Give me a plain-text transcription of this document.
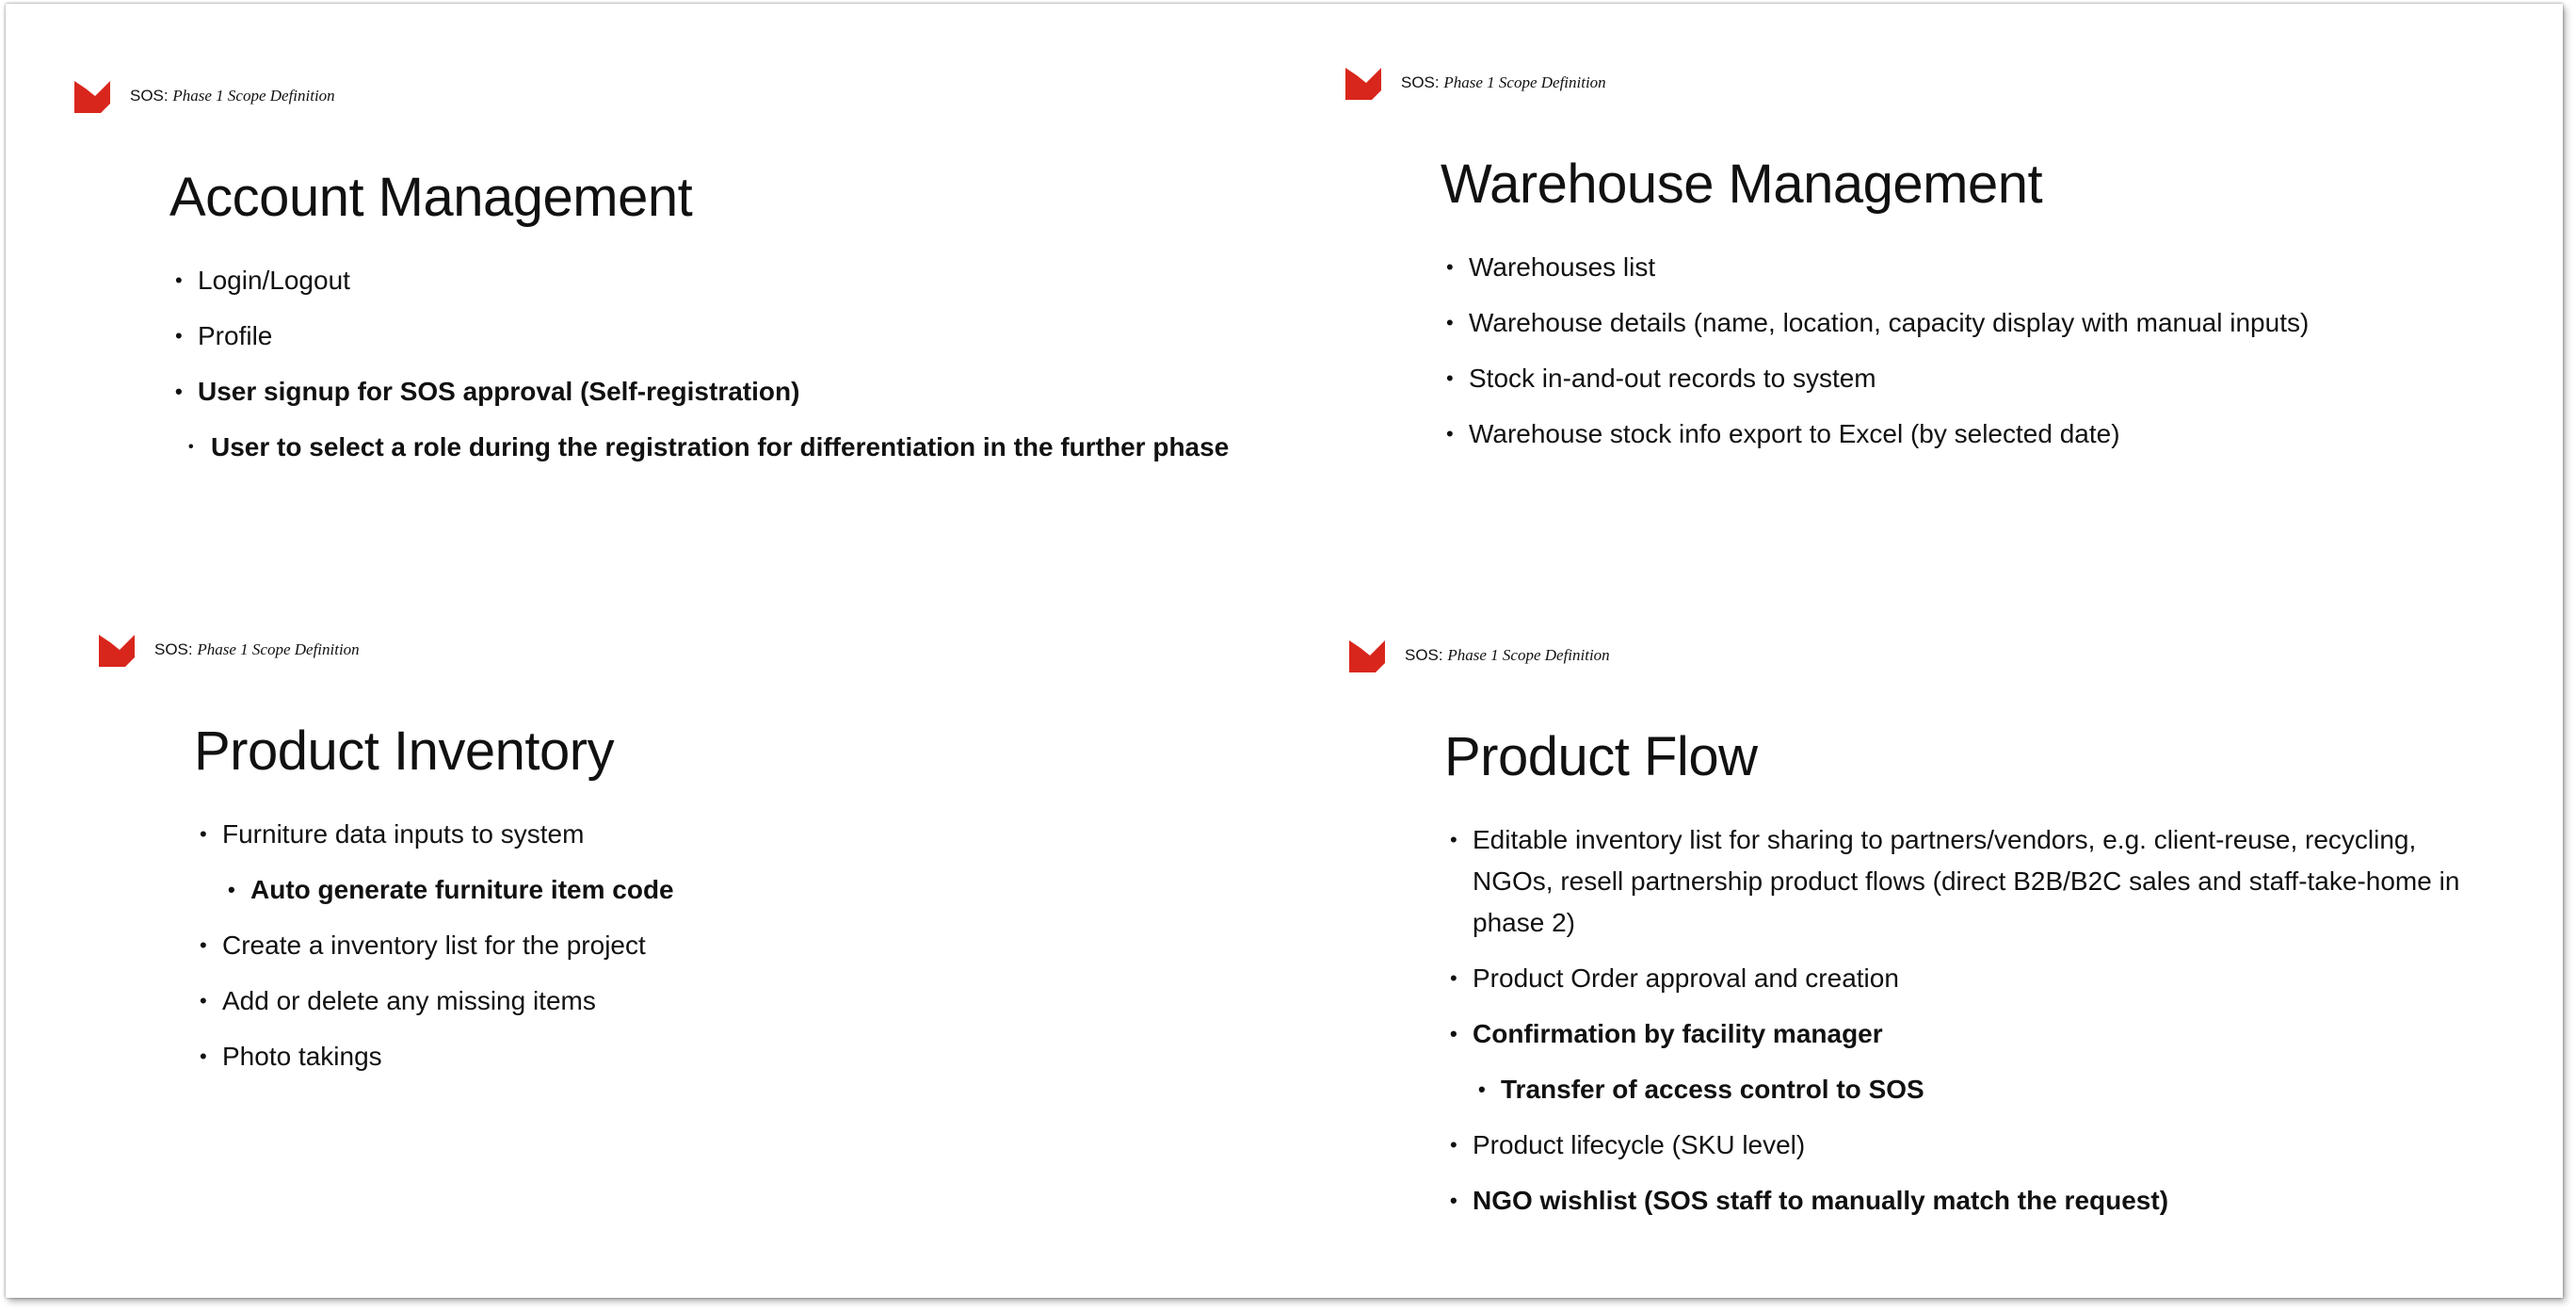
SOS: Phase 1 Scope Definition
Account Management
• Login/Logout
• Profile
• User signup for SOS approval (Self-registration)
• User to select a role during the registration for differentiation in the further phase
SOS: Phase 1 Scope Definition
Warehouse Management
• Warehouses list
• Warehouse details (name, location, capacity display with manual inputs)
• Stock in-and-out records to system
• Warehouse stock info export to Excel (by selected date)
SOS: Phase 1 Scope Definition
Product Inventory
• Furniture data inputs to system
• Auto generate furniture item code
• Create a inventory list for the project
• Add or delete any missing items
• Photo takings
SOS: Phase 1 Scope Definition
Product Flow
• Editable inventory list for sharing to partners/vendors, e.g. client-reuse, recycling, NGOs, resell partnership product flows (direct B2B/B2C sales and staff-take-home in phase 2)
• Product Order approval and creation
• Confirmation by facility manager
• Transfer of access control to SOS
• Product lifecycle (SKU level)
• NGO wishlist (SOS staff to manually match the request)
